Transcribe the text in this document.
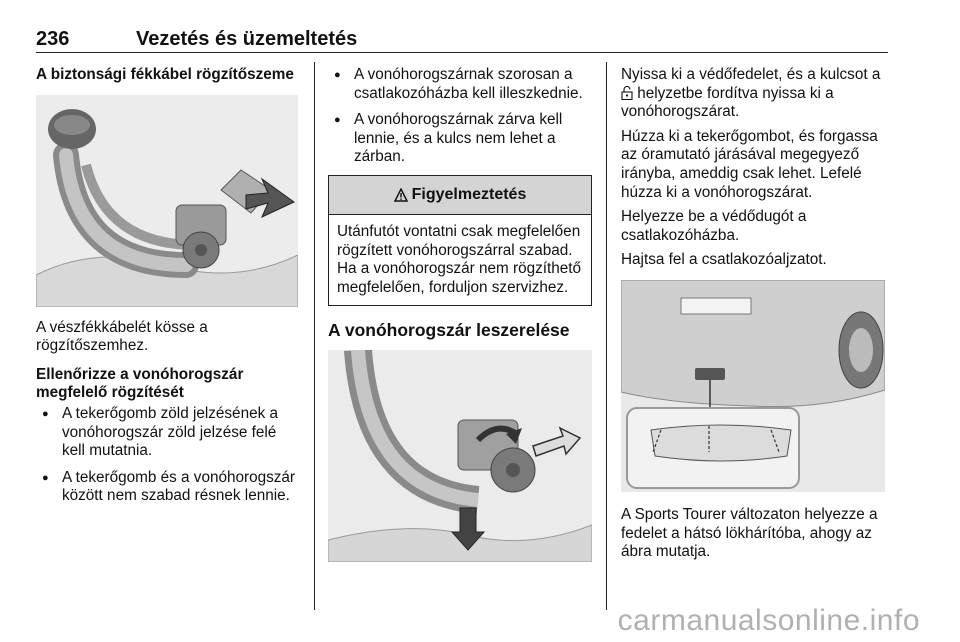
236	Vezetés és üzemeltetés
A biztonsági fékkábel rögzítőszeme

A vészfékkábelét kösse a rögzítőszemhez.

Ellenőrizze a vonóhorogszár megfelelő rögzítését
● A tekerőgomb zöld jelzésének a vonóhorogszár zöld jelzése felé kell mutatnia.
● A tekerőgomb és a vonóhorogszár között nem szabad résnek lennie.
● A vonóhorogszárnak szorosan a csatlakozóházba kell illeszkednie.
● A vonóhorogszárnak zárva kell lennie, és a kulcs nem lehet a zárban.
Figyelmeztetés
Utánfutót vontatni csak megfelelően rögzített vonóhorogszárral szabad. Ha a vonóhorogszár nem rögzíthető megfelelően, forduljon szervizhez.
A vonóhorogszár leszerelése

Nyissa ki a védőfedelet, és a kulcsot a  helyzetbe fordítva nyissa ki a vonóhorogszárat.

Húzza ki a tekerőgombot, és forgassa az óramutató járásával megegyező irányba, ameddig csak lehet. Lefelé húzza ki a vonóhorogszárat.

Helyezze be a védődugót a csatlakozóházba.

Hajtsa fel a csatlakozóaljzatot.

A Sports Tourer változaton helyezze a fedelet a hátsó lökhárítóba, ahogy az ábra mutatja.

carmanualsonline.info
